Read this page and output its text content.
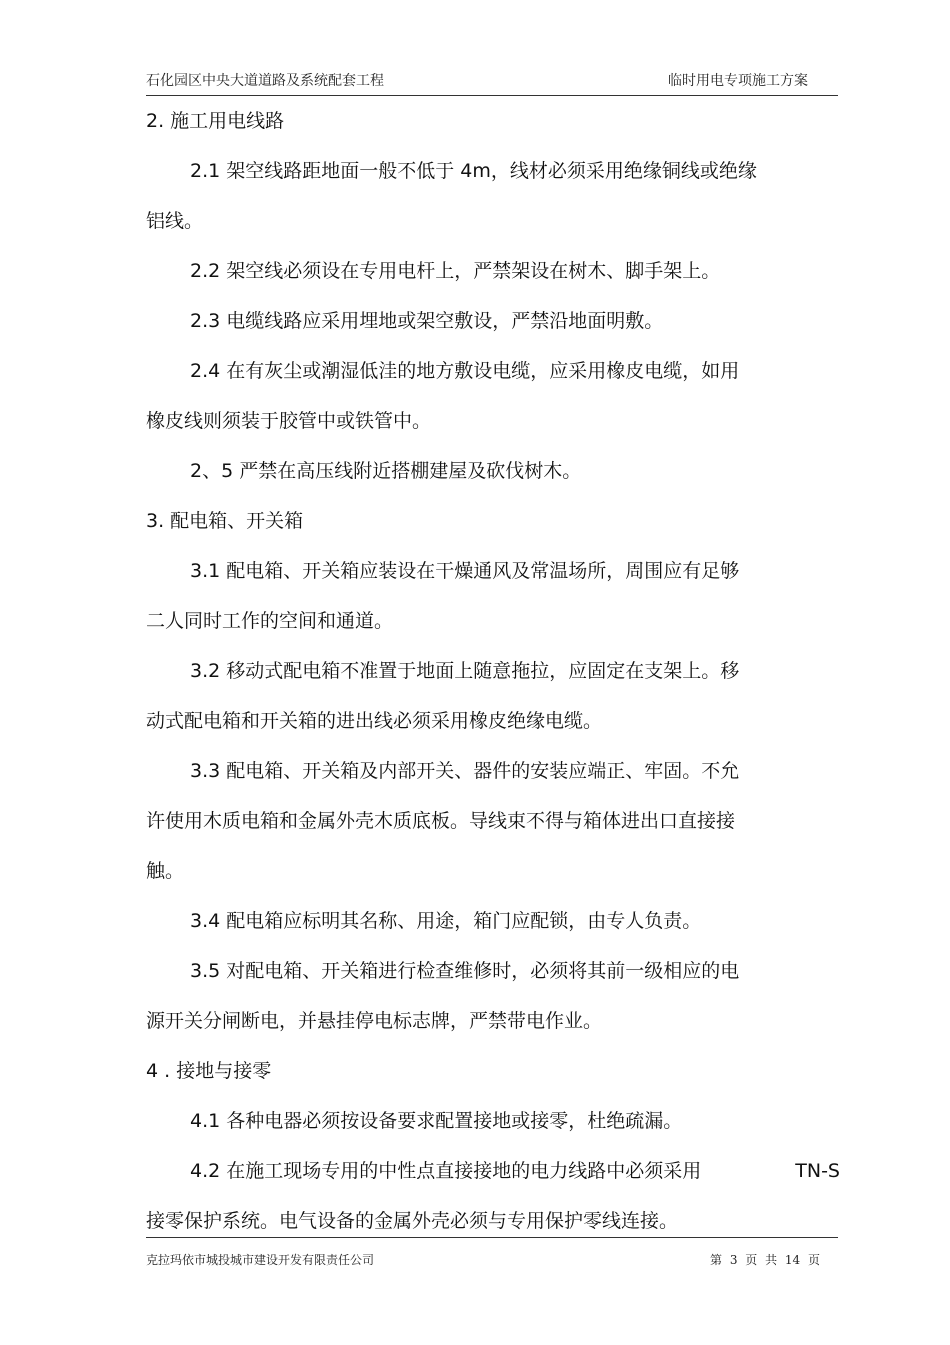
石化园区中央大道道路及系统配套工程	临时用电专项施工方案
2. 施工用电线路
2.1 架空线路距地面一般不低于 4m，线材必须采用绝缘铜线或绝缘
铝线。
2.2 架空线必须设在专用电杆上，严禁架设在树木、脚手架上。
2.3 电缆线路应采用埋地或架空敷设，严禁沿地面明敷。
2.4 在有灰尘或潮湿低洼的地方敷设电缆，应采用橡皮电缆，如用
橡皮线则须装于胶管中或铁管中。
2、5 严禁在高压线附近搭棚建屋及砍伐树木。
3. 配电箱、开关箱
3.1 配电箱、开关箱应装设在干燥通风及常温场所，周围应有足够
二人同时工作的空间和通道。
3.2 移动式配电箱不准置于地面上随意拖拉，应固定在支架上。移
动式配电箱和开关箱的进出线必须采用橡皮绝缘电缆。
3.3 配电箱、开关箱及内部开关、器件的安装应端正、牢固。不允
许使用木质电箱和金属外壳木质底板。导线束不得与箱体进出口直接接
触。
3.4 配电箱应标明其名称、用途，箱门应配锁，由专人负责。
3.5 对配电箱、开关箱进行检查维修时，必须将其前一级相应的电
源开关分闸断电，并悬挂停电标志牌，严禁带电作业。
4 . 接地与接零
4.1 各种电器必须按设备要求配置接地或接零，杜绝疏漏。
4.2 在施工现场专用的中性点直接接地的电力线路中必须采用	TN-S
接零保护系统。电气设备的金属外壳必须与专用保护零线连接。
克拉玛依市城投城市建设开发有限责任公司	第 3 页 共 14 页
